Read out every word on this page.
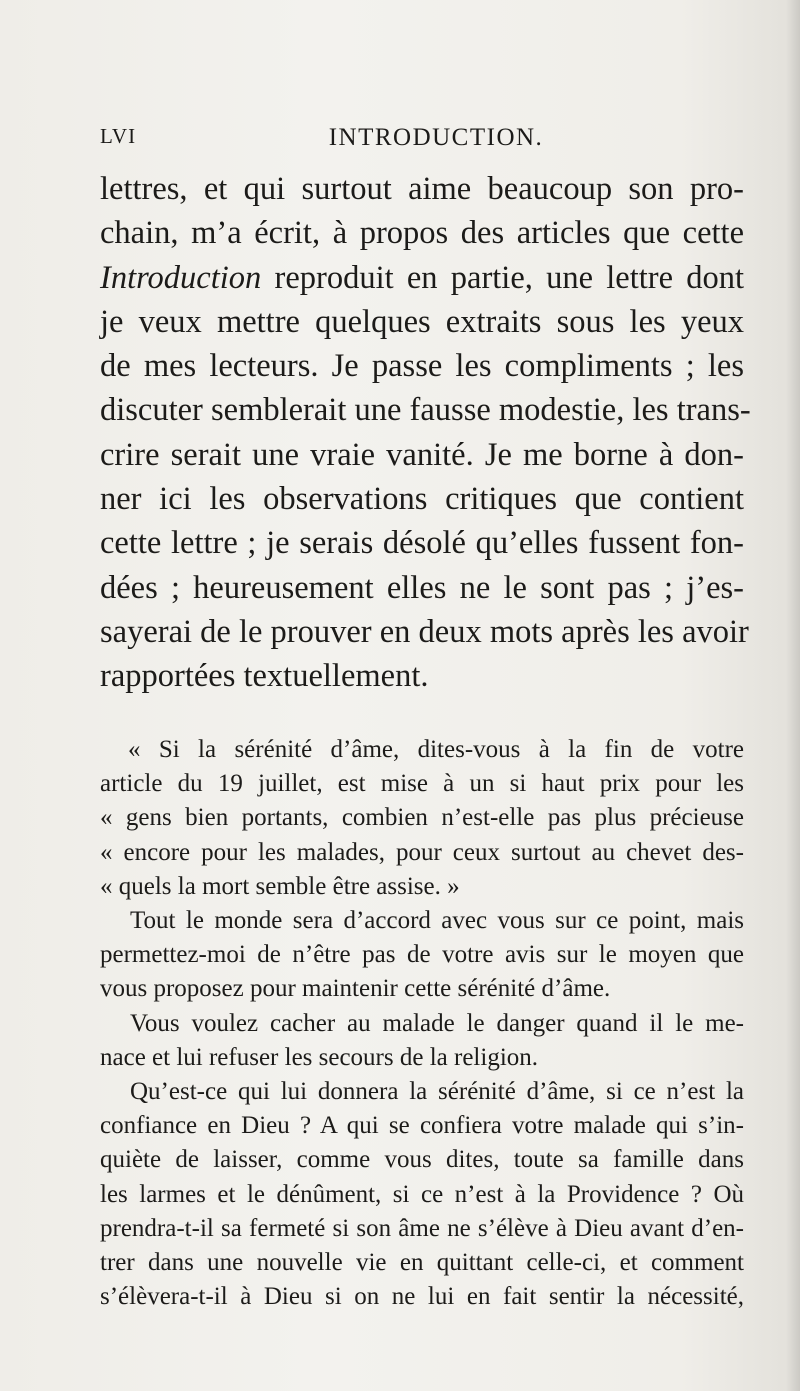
LVI	INTRODUCTION.
lettres, et qui surtout aime beaucoup son pro-
chain, m’a écrit, à propos des articles que cette
Introduction reproduit en partie, une lettre dont
je veux mettre quelques extraits sous les yeux
de mes lecteurs. Je passe les compliments ; les
discuter semblerait une fausse modestie, les trans-
crire serait une vraie vanité. Je me borne à don-
ner ici les observations critiques que contient
cette lettre ; je serais désolé qu’elles fussent fon-
dées ; heureusement elles ne le sont pas ; j’es-
sayerai de le prouver en deux mots après les avoir
rapportées textuellement.
« Si la sérénité d’âme, dites-vous à la fin de votre
article du 19 juillet, est mise à un si haut prix pour les
« gens bien portants, combien n’est-elle pas plus précieuse
« encore pour les malades, pour ceux surtout au chevet des-
« quels la mort semble être assise. »
Tout le monde sera d’accord avec vous sur ce point, mais
permettez-moi de n’être pas de votre avis sur le moyen que
vous proposez pour maintenir cette sérénité d’âme.
Vous voulez cacher au malade le danger quand il le me-
nace et lui refuser les secours de la religion.
Qu’est-ce qui lui donnera la sérénité d’âme, si ce n’est la
confiance en Dieu ? A qui se confiera votre malade qui s’in-
quiète de laisser, comme vous dites, toute sa famille dans
les larmes et le dénûment, si ce n’est à la Providence ? Où
prendra-t-il sa fermeté si son âme ne s’élève à Dieu avant d’en-
trer dans une nouvelle vie en quittant celle-ci, et comment
s’élèvera-t-il à Dieu si on ne lui en fait sentir la nécessité,
